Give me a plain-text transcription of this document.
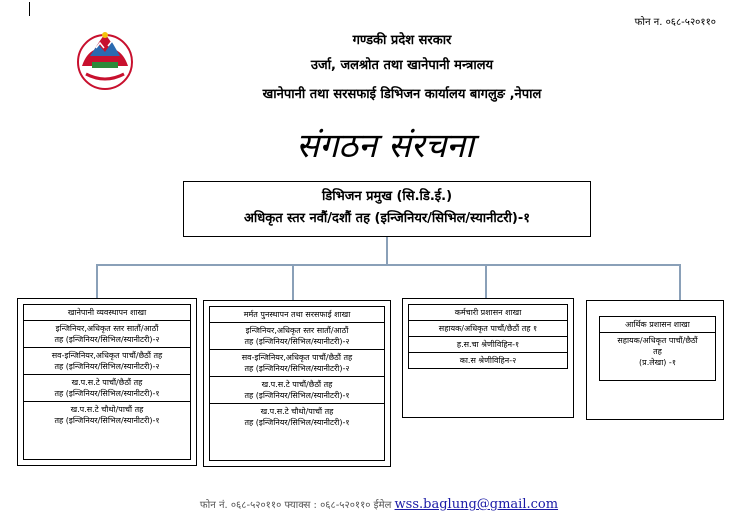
फोन न. ०६८-५२०११०
गण्डकी प्रदेश सरकार
उर्जा, जलश्रोत तथा खानेपानी मन्त्रालय
खानेपानी तथा सरसफाई डिभिजन कार्यालय बागलुङ ,नेपाल
संगठन संरचना
डिभिजन प्रमुख (सि.डि.ई.)
अधिकृत स्तर नवौं/दशौं तह (इन्जिनियर/सिभिल/स्यानीटरी)-१
खानेपानी व्यवस्थापन शाखा
इन्जिनियर,अधिकृत स्तर सातौं/आठौं
तह (इन्जिनियर/सिभिल/स्यानीटरी)-२
सव-इन्जिनियर,अधिकृत पाचौं/छैठौं तह
तह (इन्जिनियर/सिभिल/स्यानीटरी)-२
ख.प.स.टे पाचौं/छैठौं तह
तह (इन्जिनियर/सिभिल/स्यानीटरी)-१
ख.प.स.टे चौथो/पाचौं तह
तह (इन्जिनियर/सिभिल/स्यानीटरी)-१
मर्मत पुनस्थापन तथा सरसफाई शाखा
इन्जिनियर,अधिकृत स्तर सातौं/आठौं
तह (इन्जिनियर/सिभिल/स्यानीटरी)-२
सव-इन्जिनियर,अधिकृत पाचौं/छैठौं तह
तह (इन्जिनियर/सिभिल/स्यानीटरी)-२
ख.प.स.टे पाचौं/छैठौं तह
तह (इन्जिनियर/सिभिल/स्यानीटरी)-१
ख.प.स.टे चौथो/पाचौं तह
तह (इन्जिनियर/सिभिल/स्यानीटरी)-१
कर्मचारी प्रशासन शाखा
सहायक/अधिकृत पाचौं/छैठौं तह १
ह.स.चा श्रेणीविहिन-१
का.स श्रेणीविहिन-२
आर्थिक प्रशासन शाखा
सहायक/अधिकृत पाचौं/छैठौं
तह
(प्र.लेखा) -१
फोन नं. ०६८-५२०११० फ्याक्स : ०६८-५२०११० ईमेल wss.baglung@gmail.com
